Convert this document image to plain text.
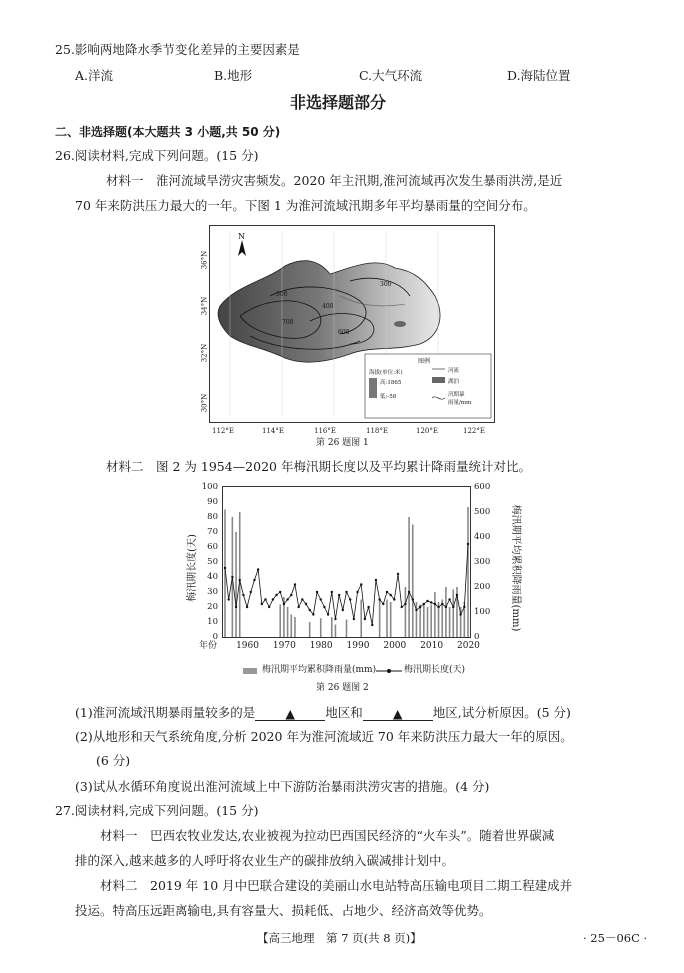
25.影响两地降水季节变化差异的主要因素是
A.洋流	B.地形	C.大气环流	D.海陆位置
非选择题部分
二、非选择题(本大题共 3 小题,共 50 分)
26.阅读材料,完成下列问题。(15 分)
材料一　淮河流域旱涝灾害频发。2020 年主汛期,淮河流域再次发生暴雨洪涝,是近
70 年来防洪压力最大的一年。下图 1 为淮河流域汛期多年平均暴雨量的空间分布。
N
500
400
600
700
300
图例
海拔(单位:米)
高:1865
低:-58
河流
湖泊
汛期暴
雨量/mm
36°N
34°N
32°N
30°N
112°E	114°E	116°E	118°E	120°E	122°E
第 26 题图 1
材料二　图 2 为 1954—2020 年梅汛期长度以及平均累计降雨量统计对比。
100
90
80
70
60
50
40
30
20
10
0
600
500
400
300
200
100
0
1960 1970 1980 1990 2000 2010 2020
梅汛期长度(天)	梅汛期平均累积降雨量(mm)
年份
梅汛期平均累积降雨量(mm)	梅汛期长度(天)
第 26 题图 2
(1)淮河流域汛期暴雨量较多的是 ▲ 地区和 ▲ 地区,试分析原因。(5 分)
(2)从地形和天气系统角度,分析 2020 年为淮河流域近 70 年来防洪压力最大一年的原因。
(6 分)
(3)试从水循环角度说出淮河流域上中下游防治暴雨洪涝灾害的措施。(4 分)
27.阅读材料,完成下列问题。(15 分)
材料一　巴西农牧业发达,农业被视为拉动巴西国民经济的“火车头”。随着世界碳减
排的深入,越来越多的人呼吁将农业生产的碳排放纳入碳减排计划中。
材料二　2019 年 10 月中巴联合建设的美丽山水电站特高压输电项目二期工程建成并
投运。特高压远距离输电,具有容量大、损耗低、占地少、经济高效等优势。
【高三地理　第 7 页(共 8 页)】	· 25－06C ·
